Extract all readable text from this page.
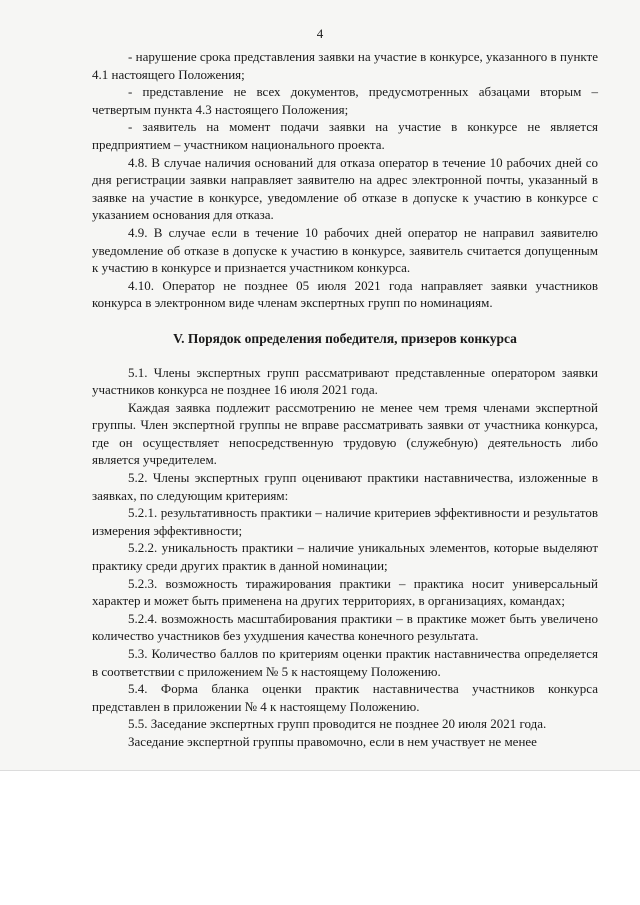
4

- нарушение срока представления заявки на участие в конкурсе, указанного в пункте 4.1 настоящего Положения;

- представление не всех документов, предусмотренных абзацами вторым – четвертым пункта 4.3 настоящего Положения;

- заявитель на момент подачи заявки на участие в конкурсе не является предприятием – участником национального проекта.

4.8. В случае наличия оснований для отказа оператор в течение 10 рабочих дней со дня регистрации заявки направляет заявителю на адрес электронной почты, указанный в заявке на участие в конкурсе, уведомление об отказе в допуске к участию в конкурсе с указанием основания для отказа.

4.9. В случае если в течение 10 рабочих дней оператор не направил заявителю уведомление об отказе в допуске к участию в конкурсе, заявитель считается допущенным к участию в конкурсе и признается участником конкурса.

4.10. Оператор не позднее 05 июля 2021 года направляет заявки участников конкурса в электронном виде членам экспертных групп по номинациям.

V. Порядок определения победителя, призеров конкурса

5.1. Члены экспертных групп рассматривают представленные оператором заявки участников конкурса не позднее 16 июля 2021 года.

Каждая заявка подлежит рассмотрению не менее чем тремя членами экспертной группы. Член экспертной группы не вправе рассматривать заявки от участника конкурса, где он осуществляет непосредственную трудовую (служебную) деятельность либо является учредителем.

5.2. Члены экспертных групп оценивают практики наставничества, изложенные в заявках, по следующим критериям:

5.2.1. результативность практики – наличие критериев эффективности и результатов измерения эффективности;

5.2.2. уникальность практики – наличие уникальных элементов, которые выделяют практику среди других практик в данной номинации;

5.2.3. возможность тиражирования практики – практика носит универсальный характер и может быть применена на других территориях, в организациях, командах;

5.2.4. возможность масштабирования практики – в практике может быть увеличено количество участников без ухудшения качества конечного результата.

5.3. Количество баллов по критериям оценки практик наставничества определяется в соответствии с приложением № 5 к настоящему Положению.

5.4. Форма бланка оценки практик наставничества участников конкурса представлен в приложении № 4 к настоящему Положению.

5.5. Заседание экспертных групп проводится не позднее 20 июля 2021 года.

Заседание экспертной группы правомочно, если в нем участвует не менее
